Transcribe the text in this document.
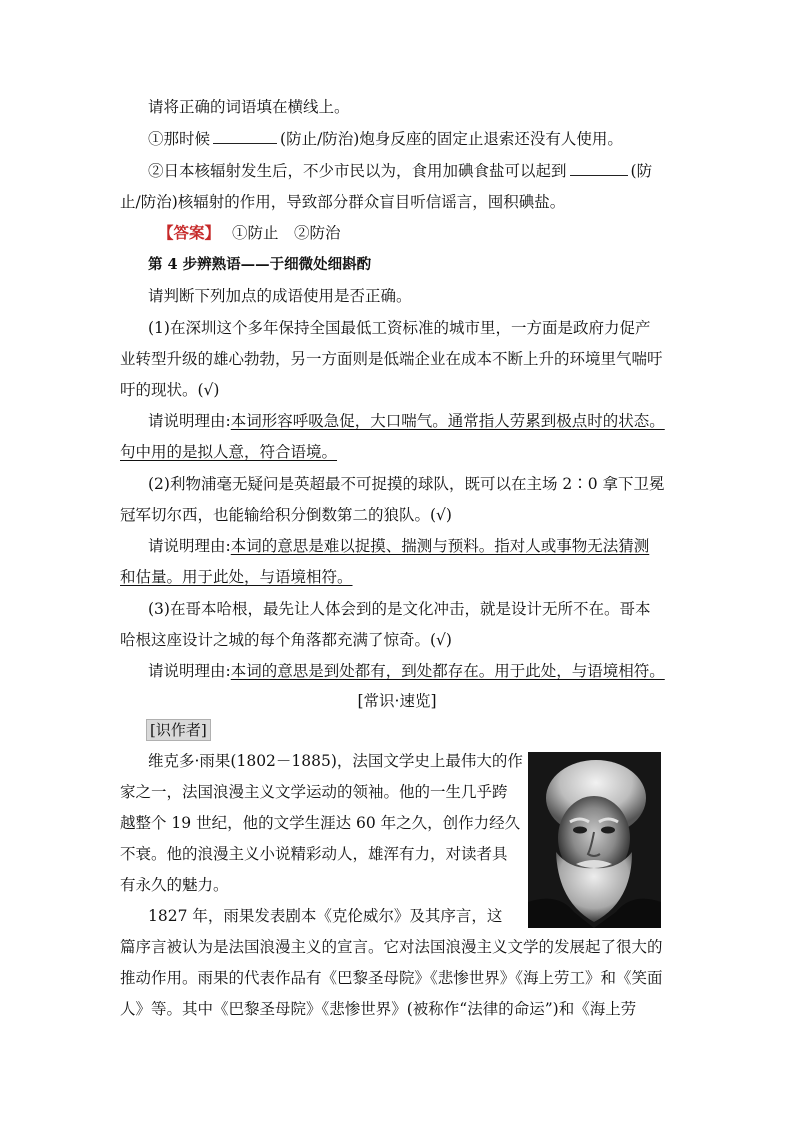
请将正确的词语填在横线上。
①那时候	(防止/防治)炮身反座的固定止退索还没有人使用。
②日本核辐射发生后，不少市民以为，食用加碘食盐可以起到	(防
止/防治)核辐射的作用，导致部分群众盲目听信谣言，囤积碘盐。
【答案】 ①防止　②防治
第 4 步辨熟语——于细微处细斟酌
请判断下列加点的成语使用是否正确。
(1)在深圳这个多年保持全国最低工资标准的城市里，一方面是政府力促产
业转型升级的雄心勃勃，另一方面则是低端企业在成本不断上升的环境里气喘吁
吁的现状。(√)
请说明理由:本词形容呼吸急促，大口喘气。通常指人劳累到极点时的状态。
句中用的是拟人意，符合语境。
(2)利物浦毫无疑问是英超最不可捉摸的球队，既可以在主场 2∶0 拿下卫冕
冠军切尔西，也能输给积分倒数第二的狼队。(√)
请说明理由:本词的意思是难以捉摸、揣测与预料。指对人或事物无法猜测
和估量。用于此处，与语境相符。
(3)在哥本哈根，最先让人体会到的是文化冲击，就是设计无所不在。哥本
哈根这座设计之城的每个角落都充满了惊奇。(√)
请说明理由:本词的意思是到处都有，到处都存在。用于此处，与语境相符。
[常识·速览]
[识作者]
维克多·雨果(1802－1885)，法国文学史上最伟大的作
家之一，法国浪漫主义文学运动的领袖。他的一生几乎跨
越整个 19 世纪，他的文学生涯达 60 年之久，创作力经久
不衰。他的浪漫主义小说精彩动人，雄浑有力，对读者具
有永久的魅力。
1827 年，雨果发表剧本《克伦威尔》及其序言，这
篇序言被认为是法国浪漫主义的宣言。它对法国浪漫主义文学的发展起了很大的
推动作用。雨果的代表作品有《巴黎圣母院》《悲惨世界》《海上劳工》和《笑面
人》等。其中《巴黎圣母院》《悲惨世界》(被称作“法律的命运”)和《海上劳
